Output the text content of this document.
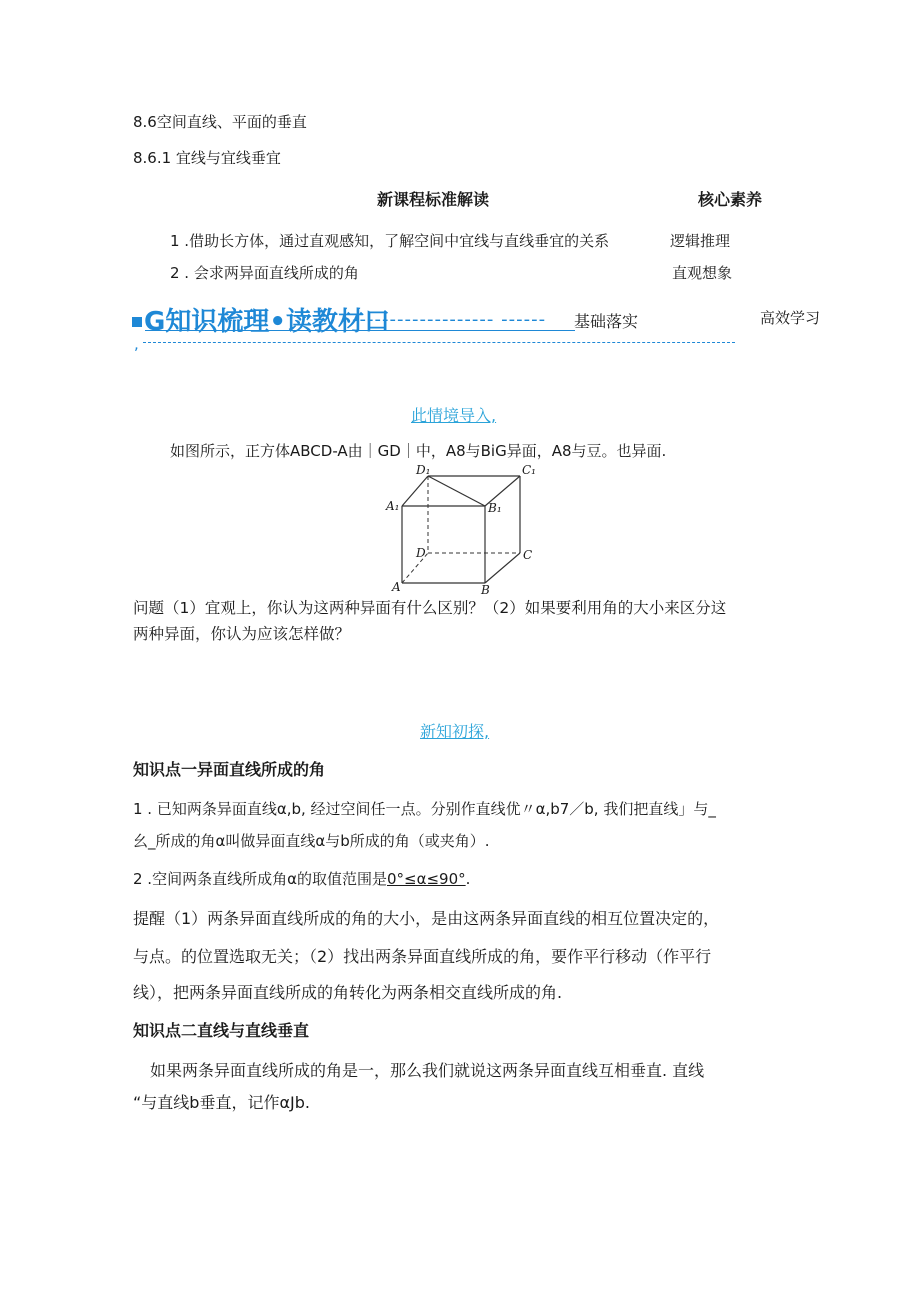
8.6空间直线、平面的垂直
8.6.1 宜线与宜线垂宜
新课程标准解读	核心素养
1 .借助长方体，通过直观感知，了解空间中宜线与直线垂宜的关系	逻辑推理
2 . 会求两异面直线所成的角	直观想象
G知识梳理•读教材口
------------------- ------ 基础落实	高效学习
,
此情境导入,
如图所示，正方体ABCD-A由｜GD｜中，A8与BiG异面，A8与豆。也异面.
D₁	C₁
A₁	B₁
D	C
A	B
问题（1）宜观上，你认为这两种异面有什么区别？（2）如果要利用角的大小来区分这
两种异面，你认为应该怎样做？
新知初探,
知识点一异面直线所成的角
1 . 已知两条异面直线α,b, 经过空间任一点。分别作直线优〃α,b7／b, 我们把直线」与_
幺_所成的角α叫做异面直线α与b所成的角（或夹角）.
2 .空间两条直线所成角α的取值范围是0°≤α≤90°.
提醒（1）两条异面直线所成的角的大小，是由这两条异面直线的相互位置决定的，
与点。的位置选取无关；（2）找出两条异面直线所成的角，要作平行移动（作平行
线），把两条异面直线所成的角转化为两条相交直线所成的角.
知识点二直线与直线垂直
如果两条异面直线所成的角是一，那么我们就说这两条异面直线互相垂直. 直线
“与直线b垂直，记作αJb.
